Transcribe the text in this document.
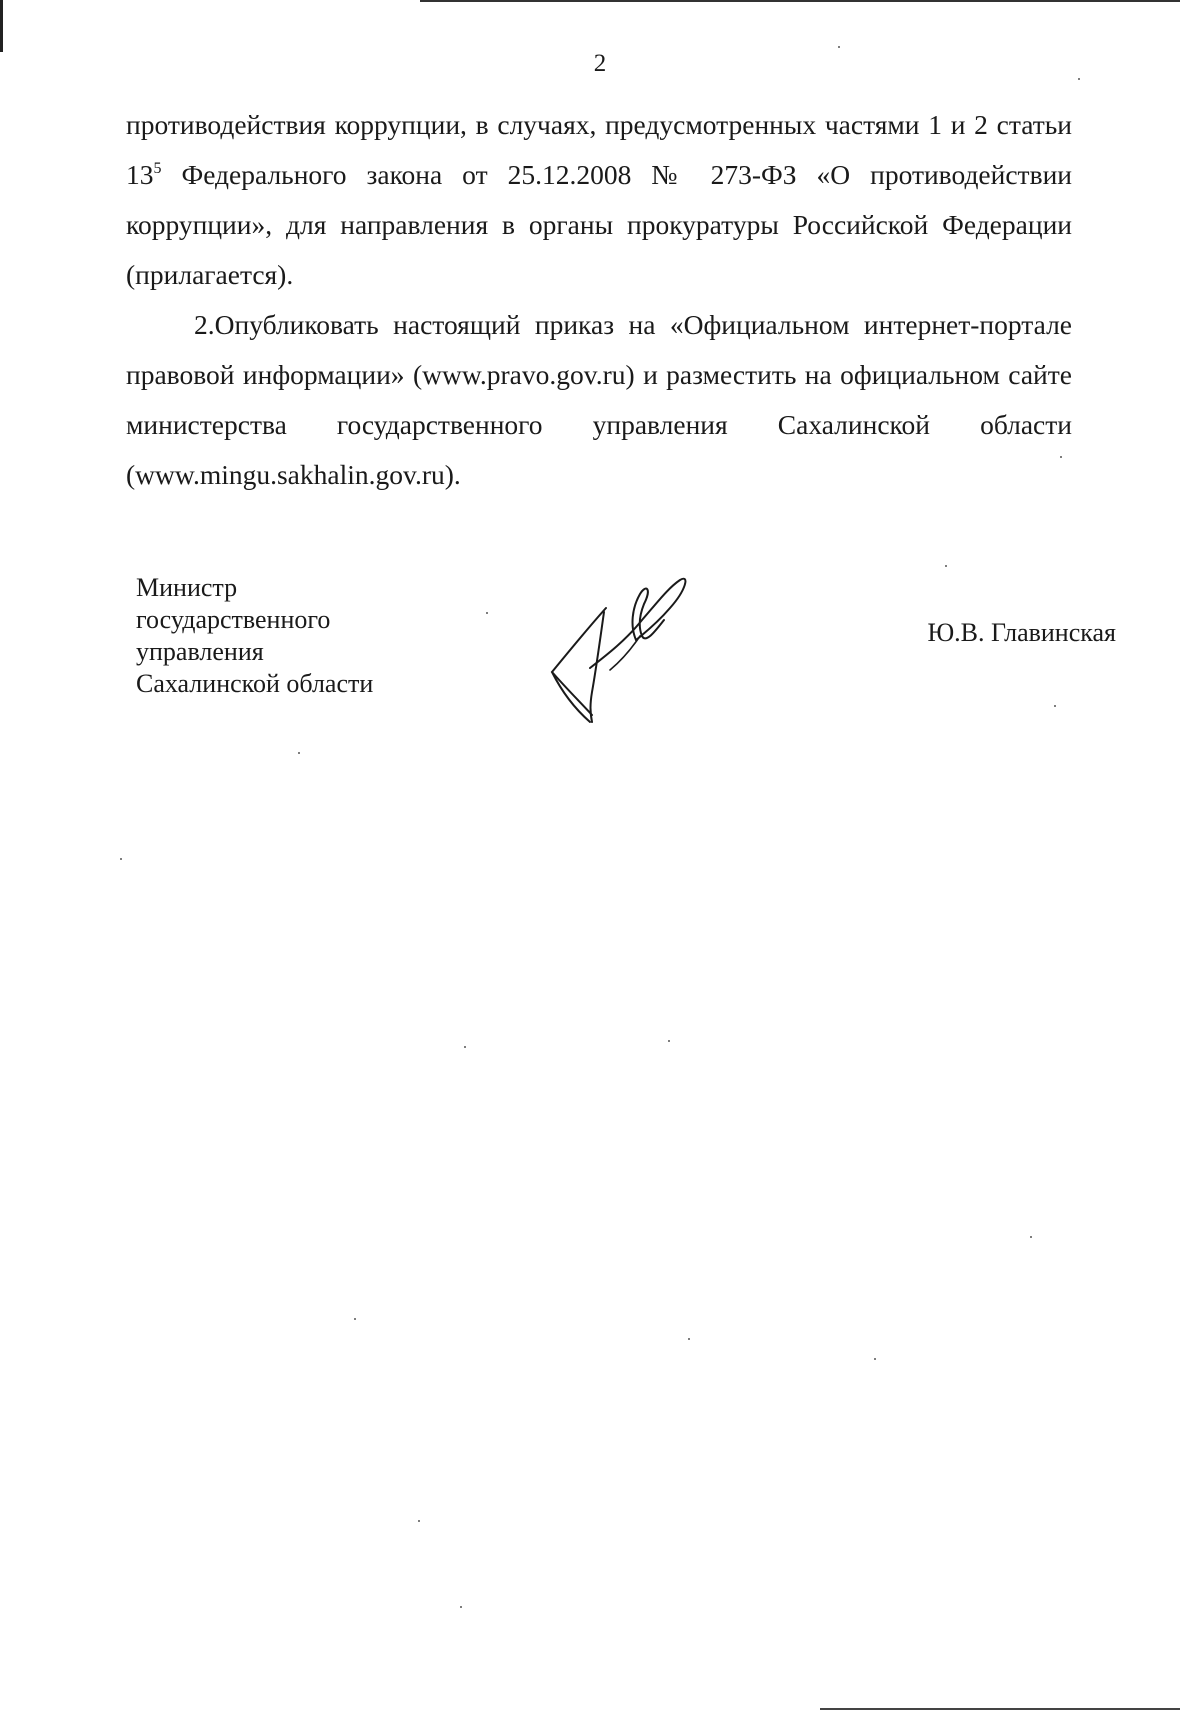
2

противодействия коррупции, в случаях, предусмотренных частями 1 и 2 статьи $13^5$ Федерального закона от 25.12.2008 № 273-ФЗ «О противодействии коррупции», для направления в органы прокуратуры Российской Федерации (прилагается).

2.Опубликовать настоящий приказ на «Официальном интернет-портале правовой информации» (www.pravo.gov.ru) и разместить на официальном сайте министерства государственного управления Сахалинской области (www.mingu.sakhalin.gov.ru).

Министр
государственного
управления
Сахалинской области
Ю.В. Главинская
